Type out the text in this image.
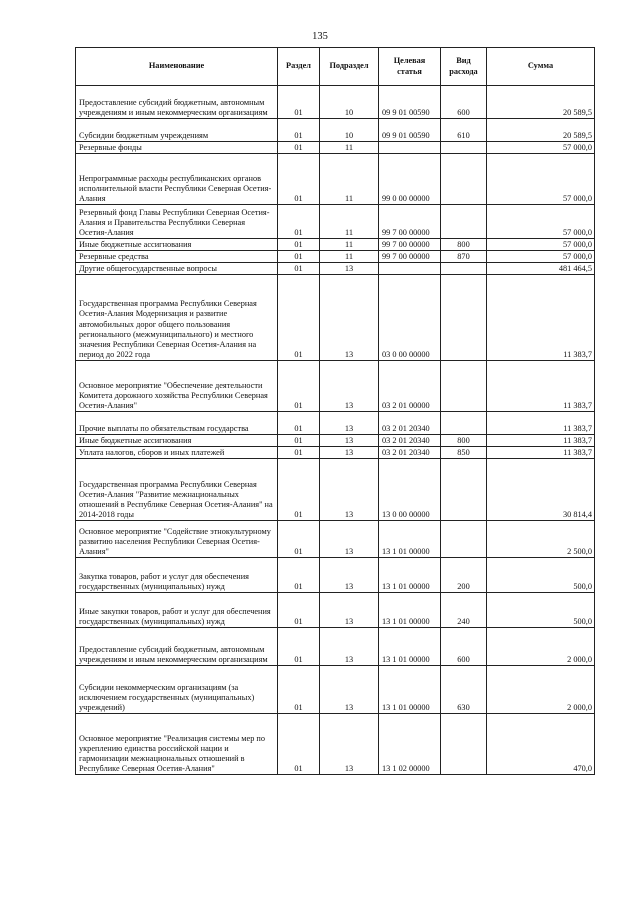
135
Наименование	Раздел	Подраздел	Целевая статья	Вид расхода	Сумма
Предоставление субсидий бюджетным, автономным учреждениям и иным некоммерческим организациям	01	10	09 9 01 00590	600	20 589,5
Субсидии бюджетным учреждениям	01	10	09 9 01 00590	610	20 589,5
Резервные фонды	01	11			57 000,0
Непрограммные расходы республиканских органов исполнительной власти Республики Северная Осетия-Алания	01	11	99 0 00 00000		57 000,0
Резервный фонд Главы Республики Северная Осетия-Алания и Правительства Республики Северная Осетия-Алания	01	11	99 7 00 00000		57 000,0
Иные бюджетные ассигнования	01	11	99 7 00 00000	800	57 000,0
Резервные средства	01	11	99 7 00 00000	870	57 000,0
Другие общегосударственные вопросы	01	13			481 464,5
Государственная программа Республики Северная Осетия-Алания Модернизация и развитие автомобильных дорог общего пользования регионального (межмуниципального) и местного значения Республики Северная Осетия-Алания на период до 2022 года	01	13	03 0 00 00000		11 383,7
Основное мероприятие "Обеспечение деятельности Комитета дорожного хозяйства Республики Северная Осетия-Алания"	01	13	03 2 01 00000		11 383,7
Прочие выплаты по обязательствам государства	01	13	03 2 01 20340		11 383,7
Иные бюджетные ассигнования	01	13	03 2 01 20340	800	11 383,7
Уплата налогов, сборов и иных платежей	01	13	03 2 01 20340	850	11 383,7
Государственная программа Республики Северная Осетия-Алания "Развитие межнациональных отношений в Республике Северная Осетия-Алания" на 2014-2018 годы	01	13	13 0 00 00000		30 814,4
Основное мероприятие "Содействие этнокультурному развитию населения Республики Северная Осетия-Алания"	01	13	13 1 01 00000		2 500,0
Закупка товаров, работ и услуг для обеспечения государственных (муниципальных) нужд	01	13	13 1 01 00000	200	500,0
Иные закупки товаров, работ и услуг для обеспечения государственных (муниципальных) нужд	01	13	13 1 01 00000	240	500,0
Предоставление субсидий бюджетным, автономным учреждениям и иным некоммерческим организациям	01	13	13 1 01 00000	600	2 000,0
Субсидии некоммерческим организациям (за исключением государственных (муниципальных) учреждений)	01	13	13 1 01 00000	630	2 000,0
Основное мероприятие "Реализация системы мер по укреплению единства российской нации и гармонизации межнациональных отношений в Республике Северная Осетия-Алания"	01	13	13 1 02 00000		470,0
